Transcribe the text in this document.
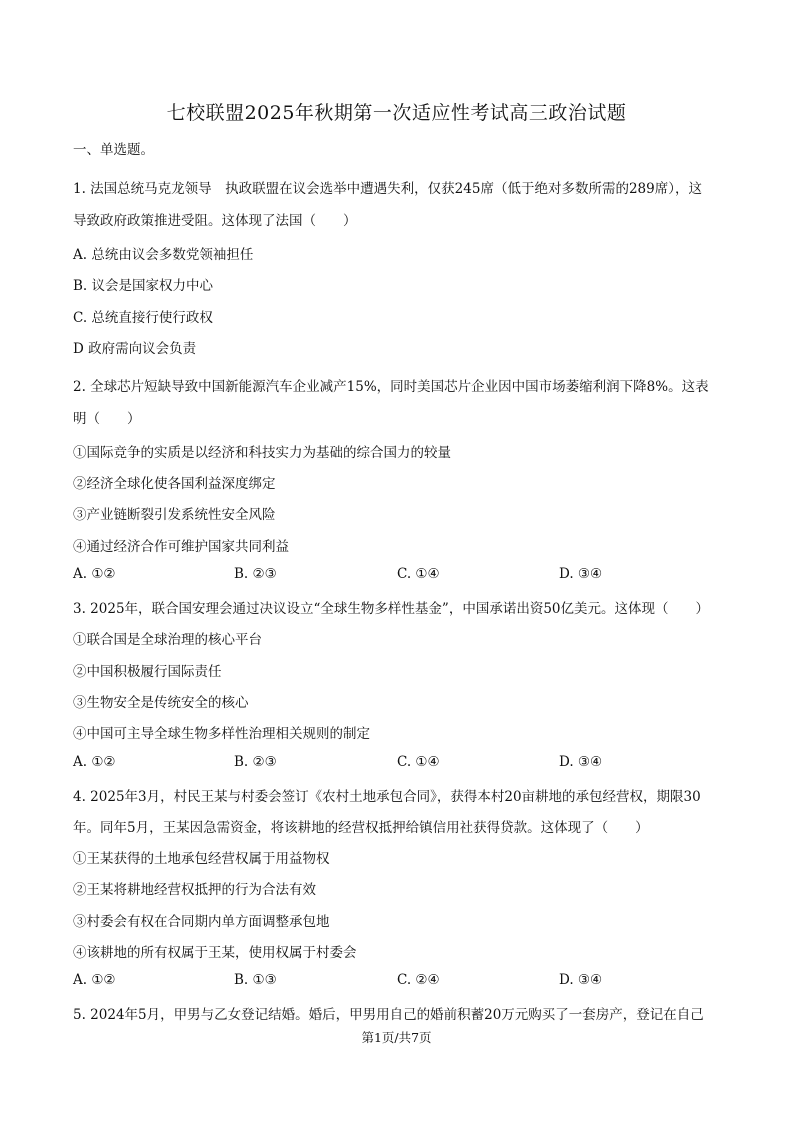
七校联盟2025年秋期第一次适应性考试高三政治试题
一、单选题。
1. 法国总统马克龙领导　执政联盟在议会选举中遭遇失利，仅获245席（低于绝对多数所需的289席），这
导致政府政策推进受阻。这体现了法国（　　）
A. 总统由议会多数党领袖担任
B. 议会是国家权力中心
C. 总统直接行使行政权
D 政府需向议会负责
2. 全球芯片短缺导致中国新能源汽车企业减产15%，同时美国芯片企业因中国市场萎缩利润下降8%。这表
明（　　）
①国际竞争的实质是以经济和科技实力为基础的综合国力的较量
②经济全球化使各国利益深度绑定
③产业链断裂引发系统性安全风险
④通过经济合作可维护国家共同利益
A. ①②	B. ②③	C. ①④	D. ③④
3. 2025年，联合国安理会通过决议设立“全球生物多样性基金”，中国承诺出资50亿美元。这体现（　　）
①联合国是全球治理的核心平台
②中国积极履行国际责任
③生物安全是传统安全的核心
④中国可主导全球生物多样性治理相关规则的制定
A. ①②	B. ②③	C. ①④	D. ③④
4. 2025年3月，村民王某与村委会签订《农村土地承包合同》，获得本村20亩耕地的承包经营权，期限30
年。同年5月，王某因急需资金，将该耕地的经营权抵押给镇信用社获得贷款。这体现了（　　）
①王某获得的土地承包经营权属于用益物权
②王某将耕地经营权抵押的行为合法有效
③村委会有权在合同期内单方面调整承包地
④该耕地的所有权属于王某，使用权属于村委会
A. ①②	B. ①③	C. ②④	D. ③④
5. 2024年5月，甲男与乙女登记结婚。婚后，甲男用自己的婚前积蓄20万元购买了一套房产，登记在自己
第1页/共7页
